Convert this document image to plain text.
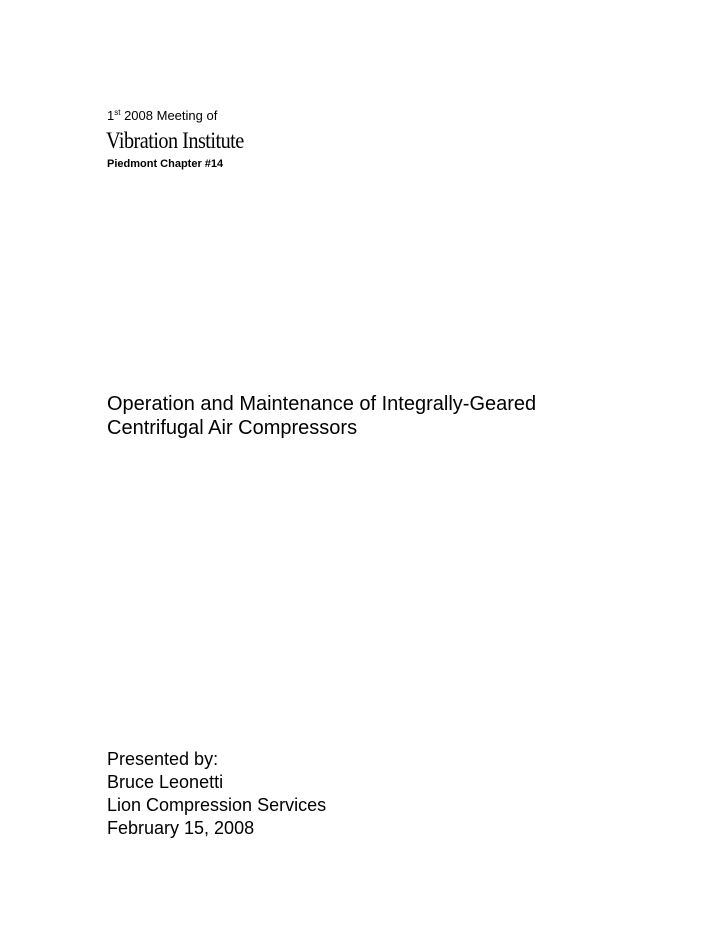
1st 2008 Meeting of
Vibration Institute
Piedmont Chapter #14
Operation and Maintenance of Integrally-Geared
Centrifugal Air Compressors
Presented by:
Bruce Leonetti
Lion Compression Services
February 15, 2008
